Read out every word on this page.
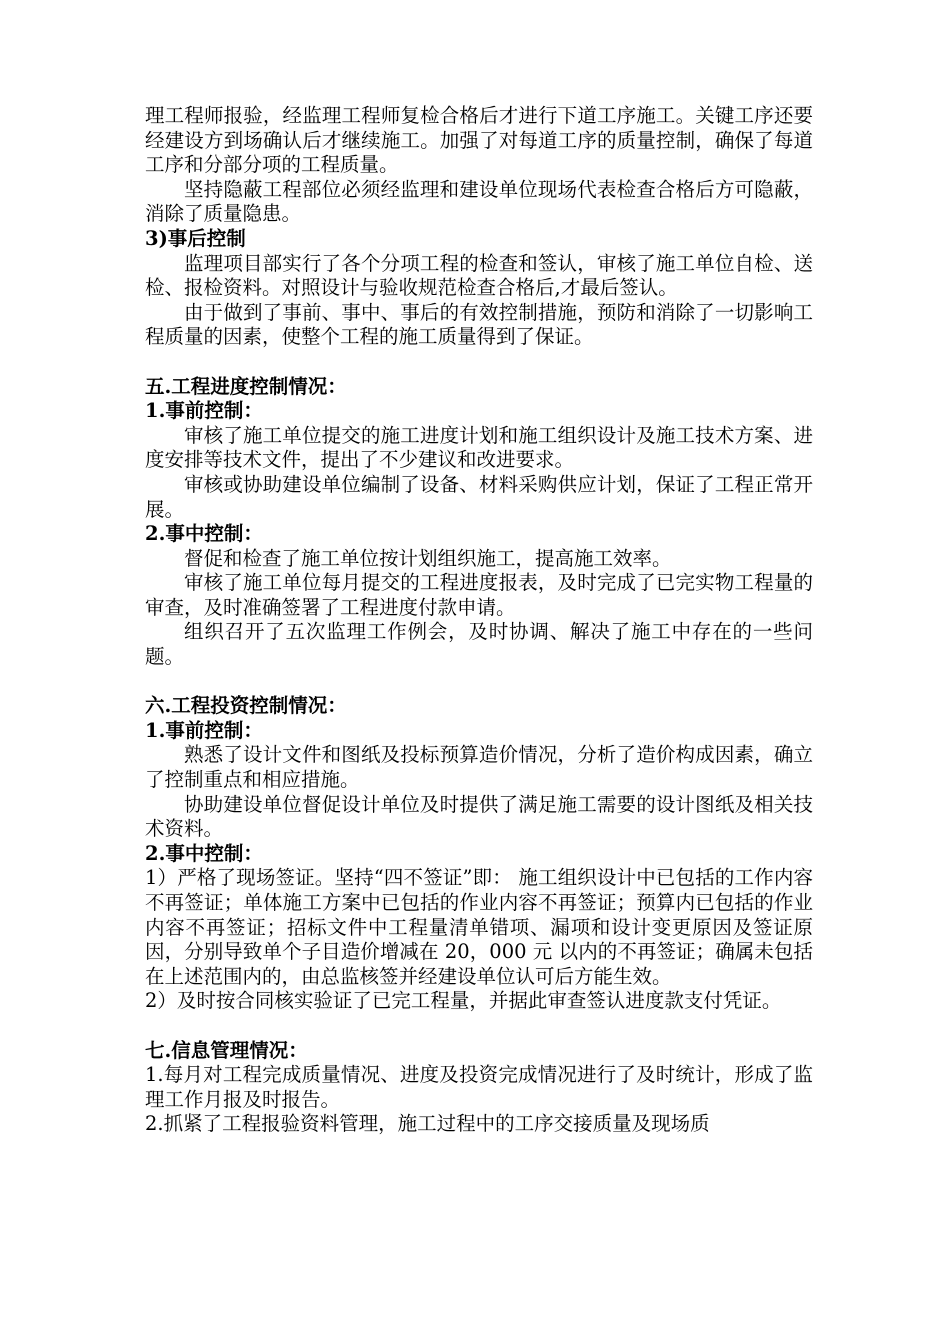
理工程师报验，经监理工程师复检合格后才进行下道工序施工。关键工序还要经建设方到场确认后才继续施工。加强了对每道工序的质量控制，确保了每道工序和分部分项的工程质量。

坚持隐蔽工程部位必须经监理和建设单位现场代表检查合格后方可隐蔽，消除了质量隐患。

3)事后控制

监理项目部实行了各个分项工程的检查和签认，审核了施工单位自检、送检、报检资料。对照设计与验收规范检查合格后,才最后签认。

由于做到了事前、事中、事后的有效控制措施，预防和消除了一切影响工程质量的因素，使整个工程的施工质量得到了保证。

五.工程进度控制情况：

1.事前控制：

审核了施工单位提交的施工进度计划和施工组织设计及施工技术方案、进度安排等技术文件，提出了不少建议和改进要求。

审核或协助建设单位编制了设备、材料采购供应计划，保证了工程正常开展。

2.事中控制：

督促和检查了施工单位按计划组织施工，提高施工效率。

审核了施工单位每月提交的工程进度报表，及时完成了已完实物工程量的审查，及时准确签署了工程进度付款申请。

组织召开了五次监理工作例会，及时协调、解决了施工中存在的一些问题。

六.工程投资控制情况：

1.事前控制：

熟悉了设计文件和图纸及投标预算造价情况，分析了造价构成因素，确立了控制重点和相应措施。

协助建设单位督促设计单位及时提供了满足施工需要的设计图纸及相关技术资料。

2.事中控制：

1）严格了现场签证。坚持“四不签证”即： 施工组织设计中已包括的工作内容不再签证；单体施工方案中已包括的作业内容不再签证；预算内已包括的作业内容不再签证；招标文件中工程量清单错项、漏项和设计变更原因及签证原因，分别导致单个子目造价增减在 20，000 元 以内的不再签证；确属未包括在上述范围内的，由总监核签并经建设单位认可后方能生效。

2）及时按合同核实验证了已完工程量，并据此审查签认进度款支付凭证。

七.信息管理情况：

1.每月对工程完成质量情况、进度及投资完成情况进行了及时统计，形成了监理工作月报及时报告。

2.抓紧了工程报验资料管理，施工过程中的工序交接质量及现场质
